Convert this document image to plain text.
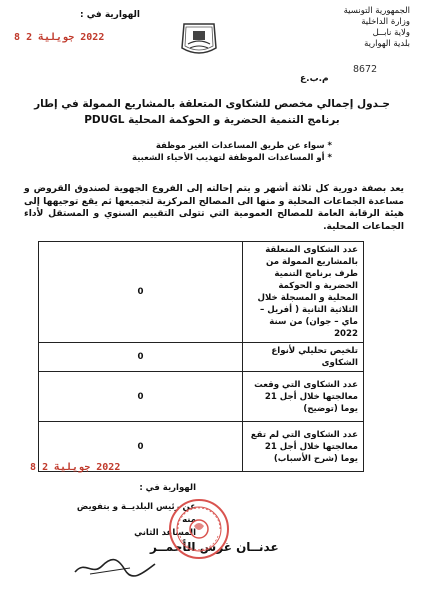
الجمهورية التونسية
وزارة الداخلية
ولاية نابــل
بلدية الهوارية
الهوارية في :
2022 جويلية 2 8
8672
م.ب.ع
جـدول إجمالي مخصص للشكاوى المتعلقة بالمشاريع الممولة في إطار
برنامج التنمية الحضرية و الحوكمة المحلية PDUGL
* سواء عن طريق المساعدات الغير موظفة
* أو المساعدات الموظفة لتهذيب الأحياء الشعبية
يعد بصفة دورية كل ثلاثة أشهر و يتم إحالته إلى الفروع الجهوية لصندوق القروض و مساعدة الجماعات المحلية و منها الى المصالح المركزية لتجميعها ثم يقع توجيهها إلى هيئة الرقابة العامة للمصالح العمومية التي تتولى التقييم السنوي و المستقل لأداء الجماعات المحلية.
0	عدد الشكاوى المتعلقة بالمشاريع الممولة من طرف برنامج التنمية الحضرية و الحوكمة المحلية و المسجلة خلال الثلاثية الثانية ( أفريل – ماي – جوان) من سنة 2022
0	تلخيص تحليلي لأنواع الشكاوى
0	عدد الشكاوى التي وقعت معالجتها خلال أجل 21 يوما (توضيح)
0	عدد الشكاوى التي لم تقع معالجتها خلال أجل 21 يوما (شرح الأسباب)
2022 جويلية 2 8
الهوارية في :
عن رئيس البلديــة و بتفويض منه
المساعد الثاني
عدنــان غرس الأحمــر
